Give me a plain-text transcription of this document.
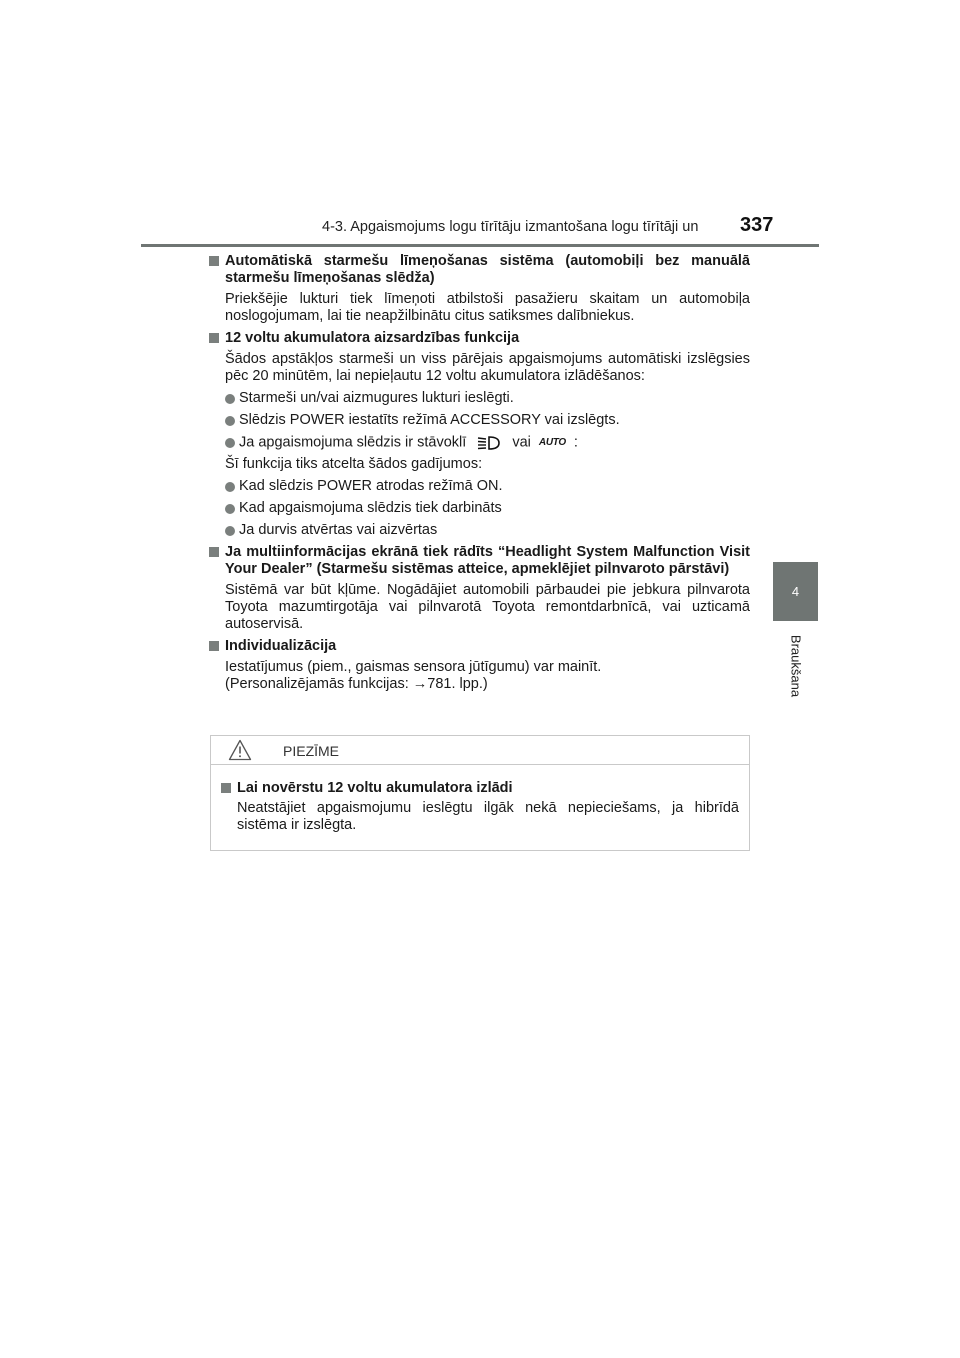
4-3. Apgaismojums logu tīrītāju izmantošana logu tīrītāji un 337
4
Braukšana
Automātiskā starmešu līmeņošanas sistēma (automobiļi bez manuālā starmešu līmeņošanas slēdža)
Priekšējie lukturi tiek līmeņoti atbilstoši pasažieru skaitam un automobiļa noslogojumam, lai tie neapžilbinātu citus satiksmes dalībniekus.
12 voltu akumulatora aizsardzības funkcija
Šādos apstākļos starmeši un viss pārējais apgaismojums automātiski izslēgsies pēc 20 minūtēm, lai nepieļautu 12 voltu akumulatora izlādēšanos:
Starmeši un/vai aizmugures lukturi ieslēgti.
Slēdzis POWER iestatīts režīmā ACCESSORY vai izslēgts.
Ja apgaismojuma slēdzis ir stāvoklī	vai AUTO :
Šī funkcija tiks atcelta šādos gadījumos:
Kad slēdzis POWER atrodas režīmā ON.
Kad apgaismojuma slēdzis tiek darbināts
Ja durvis atvērtas vai aizvērtas
Ja multiinformācijas ekrānā tiek rādīts “Headlight System Malfunction Visit Your Dealer” (Starmešu sistēmas atteice, apmeklējiet pilnvaroto pārstāvi)
Sistēmā var būt kļūme. Nogādājiet automobili pārbaudei pie jebkura pilnvarota Toyota mazumtirgotāja vai pilnvarotā Toyota remontdarbnīcā, vai uzticamā autoservisā.
Individualizācija
Iestatījumus (piem., gaismas sensora jūtīgumu) var mainīt.
(Personalizējamās funkcijas: →781. lpp.)
PIEZĪME
Lai novērstu 12 voltu akumulatora izlādi
Neatstājiet apgaismojumu ieslēgtu ilgāk nekā nepieciešams, ja hibrīdā sistēma ir izslēgta.
